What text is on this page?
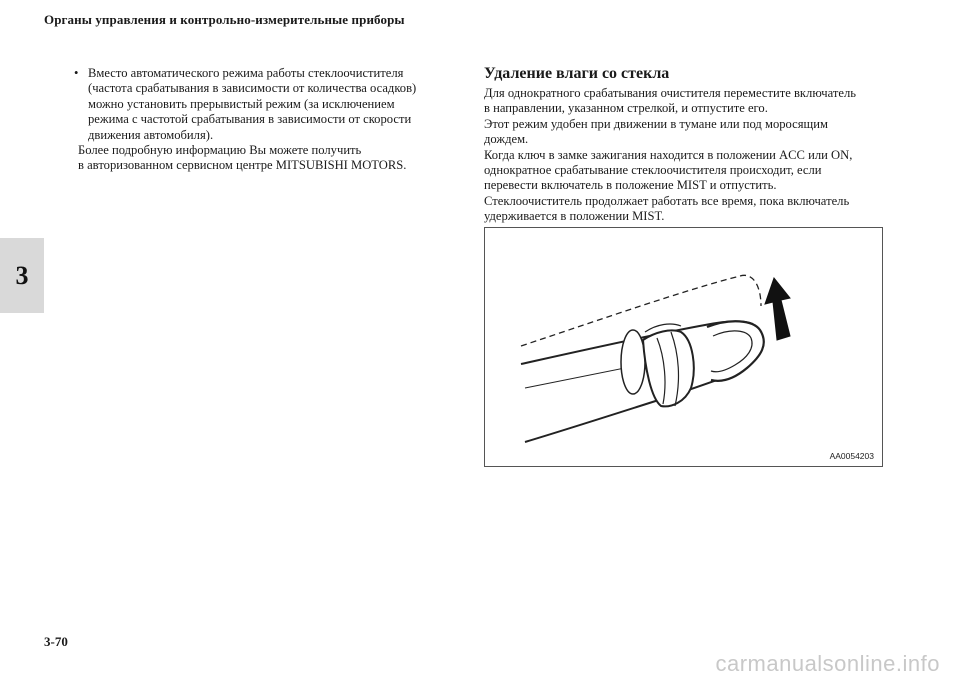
Органы управления и контрольно-измерительные приборы
3
• Вместо автоматического режима работы стеклоочистителя
(частота срабатывания в зависимости от количества осадков)
можно установить прерывистый режим (за исключением
режима с частотой срабатывания в зависимости от скорости
движения автомобиля).
Более подробную информацию Вы можете получить
в авторизованном сервисном центре MITSUBISHI MOTORS.
Удаление влаги со стекла
Для однократного срабатывания очистителя переместите включатель
в направлении, указанном стрелкой, и отпустите его.
Этот режим удобен при движении в тумане или под моросящим
дождем.
Когда ключ в замке зажигания находится в положении ACC или ON,
однократное срабатывание стеклоочистителя происходит, если
перевести включатель в положение MIST и отпустить.
Стеклоочиститель продолжает работать все время, пока включатель
удерживается в положении MIST.
AA0054203
3-70
carmanualsonline.info
